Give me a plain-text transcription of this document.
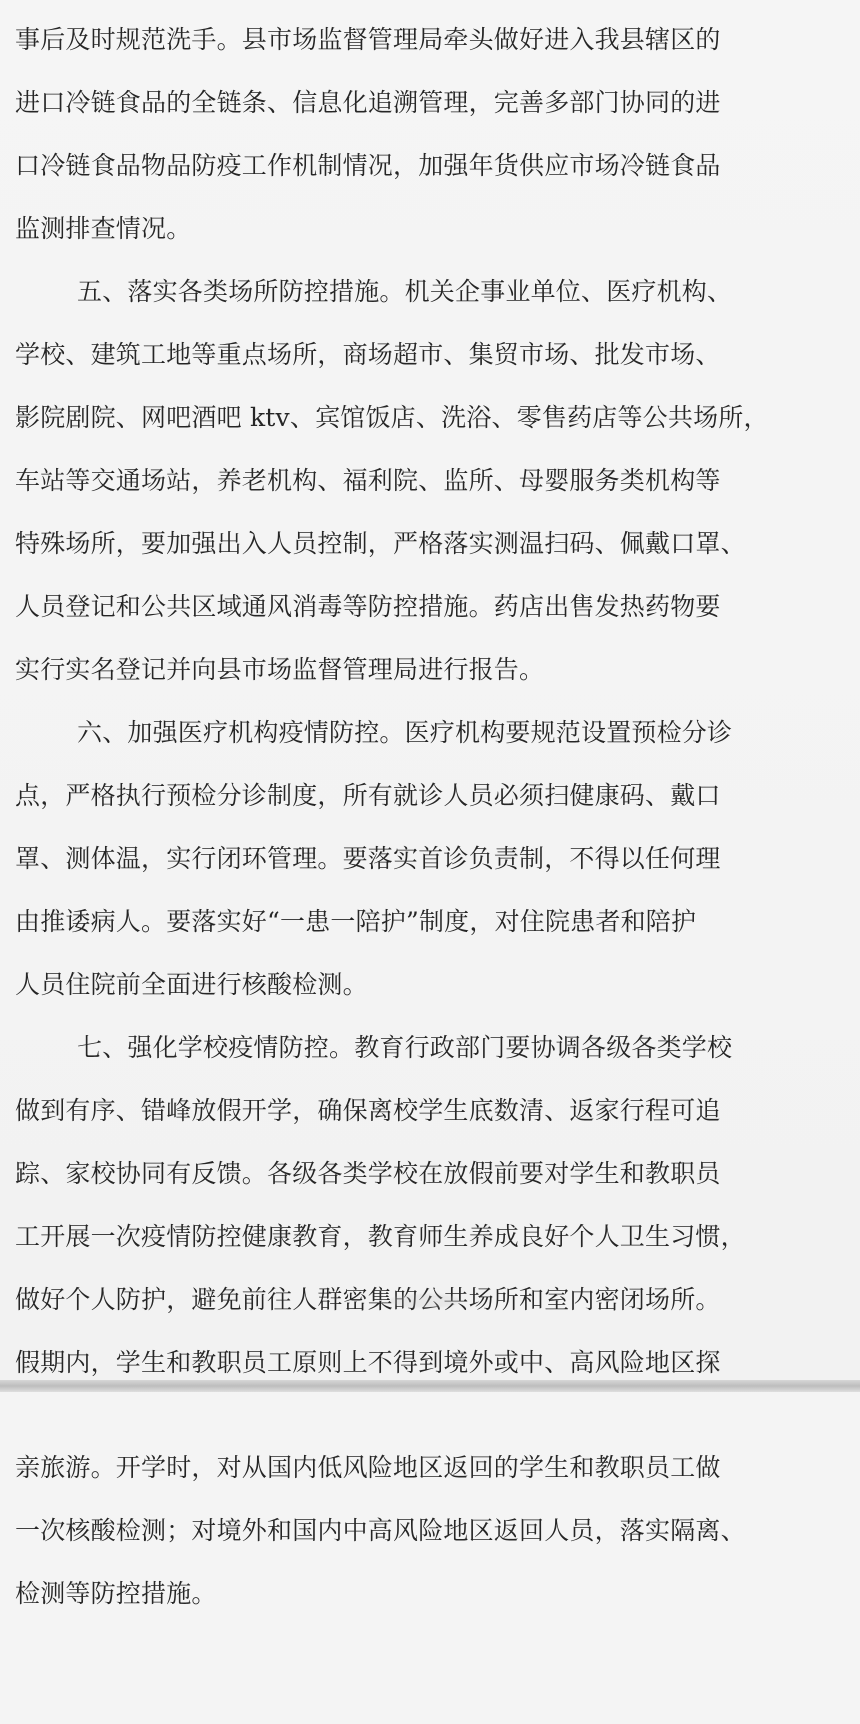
事后及时规范洗手。县市场监督管理局牵头做好进入我县辖区的
进口冷链食品的全链条、信息化追溯管理，完善多部门协同的进
口冷链食品物品防疫工作机制情况，加强年货供应市场冷链食品
监测排查情况。
五、落实各类场所防控措施。机关企事业单位、医疗机构、
学校、建筑工地等重点场所，商场超市、集贸市场、批发市场、
影院剧院、网吧酒吧 ktv、宾馆饭店、洗浴、零售药店等公共场所，
车站等交通场站，养老机构、福利院、监所、母婴服务类机构等
特殊场所，要加强出入人员控制，严格落实测温扫码、佩戴口罩、
人员登记和公共区域通风消毒等防控措施。药店出售发热药物要
实行实名登记并向县市场监督管理局进行报告。
六、加强医疗机构疫情防控。医疗机构要规范设置预检分诊
点，严格执行预检分诊制度，所有就诊人员必须扫健康码、戴口
罩、测体温，实行闭环管理。要落实首诊负责制，不得以任何理
由推诿病人。要落实好“一患一陪护”制度，对住院患者和陪护
人员住院前全面进行核酸检测。
七、强化学校疫情防控。教育行政部门要协调各级各类学校
做到有序、错峰放假开学，确保离校学生底数清、返家行程可追
踪、家校协同有反馈。各级各类学校在放假前要对学生和教职员
工开展一次疫情防控健康教育，教育师生养成良好个人卫生习惯，
做好个人防护，避免前往人群密集的公共场所和室内密闭场所。
假期内，学生和教职员工原则上不得到境外或中、高风险地区探
亲旅游。开学时，对从国内低风险地区返回的学生和教职员工做
一次核酸检测；对境外和国内中高风险地区返回人员，落实隔离、
检测等防控措施。
